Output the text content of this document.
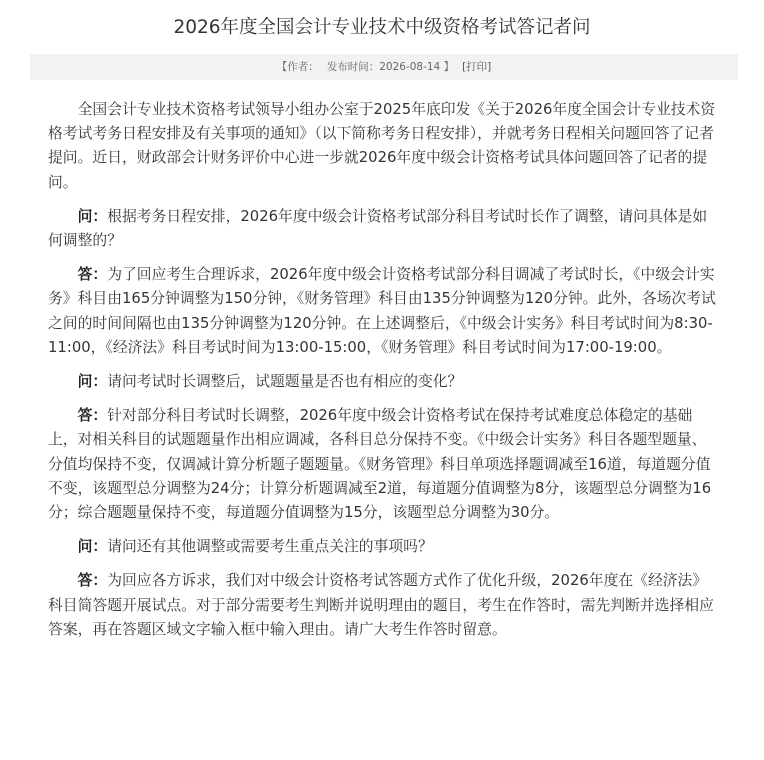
2026年度全国会计专业技术中级资格考试答记者问
【作者： 发布时间：2026-08-14 】 [打印]

全国会计专业技术资格考试领导小组办公室于2025年底印发《关于2026年度全国会计专业技术资格考试考务日程安排及有关事项的通知》（以下简称考务日程安排），并就考务日程相关问题回答了记者提问。近日，财政部会计财务评价中心进一步就2026年度中级会计资格考试具体问题回答了记者的提问。

问：根据考务日程安排，2026年度中级会计资格考试部分科目考试时长作了调整，请问具体是如何调整的？

答：为了回应考生合理诉求，2026年度中级会计资格考试部分科目调减了考试时长，《中级会计实务》科目由165分钟调整为150分钟，《财务管理》科目由135分钟调整为120分钟。此外，各场次考试之间的时间间隔也由135分钟调整为120分钟。在上述调整后，《中级会计实务》科目考试时间为8:30-11:00，《经济法》科目考试时间为13:00-15:00，《财务管理》科目考试时间为17:00-19:00。

问：请问考试时长调整后，试题题量是否也有相应的变化？

答：针对部分科目考试时长调整，2026年度中级会计资格考试在保持考试难度总体稳定的基础上，对相关科目的试题题量作出相应调减，各科目总分保持不变。《中级会计实务》科目各题型题量、分值均保持不变，仅调减计算分析题子题题量。《财务管理》科目单项选择题调减至16道，每道题分值不变，该题型总分调整为24分；计算分析题调减至2道，每道题分值调整为8分，该题型总分调整为16分；综合题题量保持不变，每道题分值调整为15分，该题型总分调整为30分。

问：请问还有其他调整或需要考生重点关注的事项吗？

答：为回应各方诉求，我们对中级会计资格考试答题方式作了优化升级，2026年度在《经济法》科目简答题开展试点。对于部分需要考生判断并说明理由的题目，考生在作答时，需先判断并选择相应答案，再在答题区域文字输入框中输入理由。请广大考生作答时留意。
